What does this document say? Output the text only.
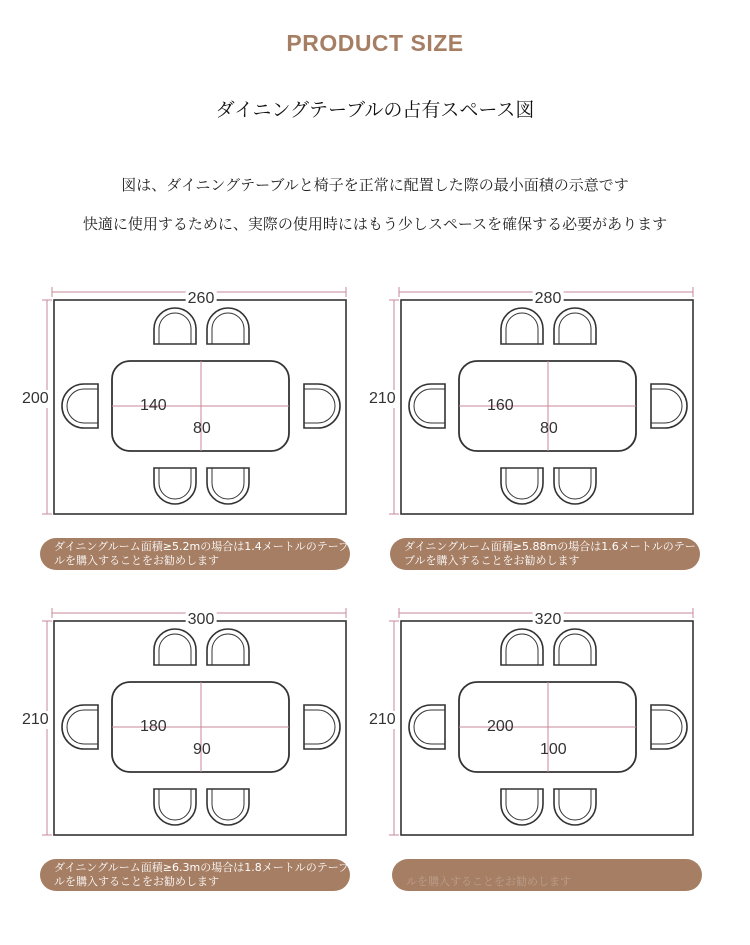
PRODUCT SIZE
ダイニングテーブルの占有スペース図
図は、ダイニングテーブルと椅子を正常に配置した際の最小面積の示意です
快適に使用するために、実際の使用時にはもう少しスペースを確保する必要があります
260
200	140
80
ダイニングルーム面積≥5.2mの場合は1.4メートルのテーブルを購入することをお勧めします
280
210	160
80
ダイニングルーム面積≥5.88mの場合は1.6メートルのテーブルを購入することをお勧めします
300
210	180
90
ダイニングルーム面積≥6.3mの場合は1.8メートルのテーブルを購入することをお勧めします
320
210	200
100
ルを購入することをお勧めします
